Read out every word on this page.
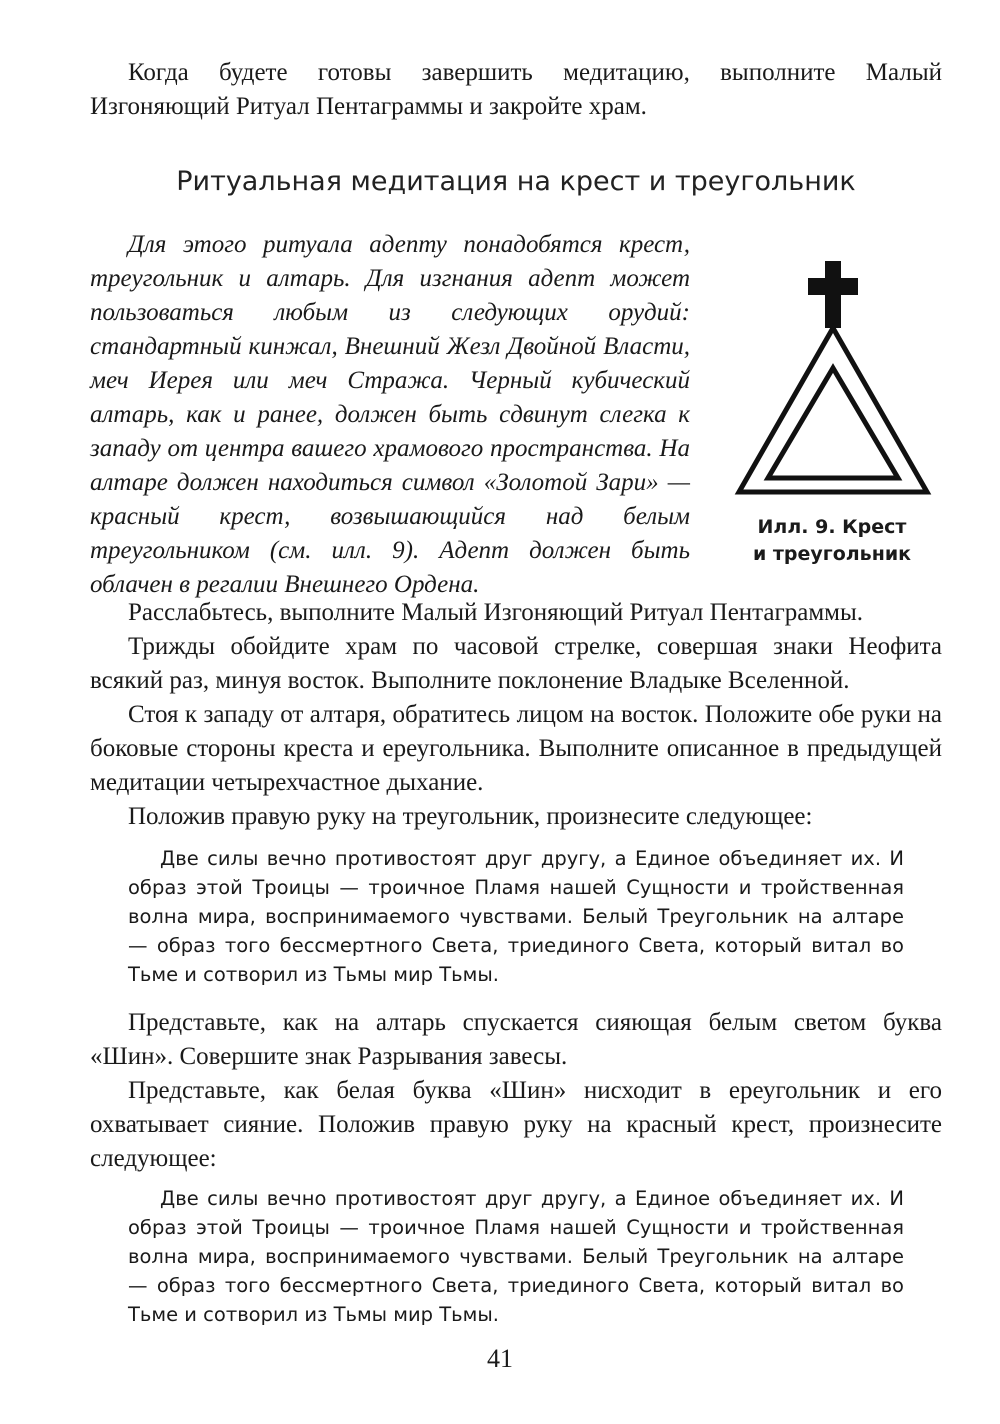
Когда будете готовы завершить медитацию, выполните Малый Изгоняющий Ритуал Пентаграммы и закройте храм.

Ритуальная медитация на крест и треугольник

Для этого ритуала адепту понадобятся крест, треугольник и алтарь. Для изгнания адепт может пользоваться любым из следующих орудий: стандартный кинжал, Внешний Жезл Двойной Власти, меч Иерея или меч Стража. Черный кубический алтарь, как и ранее, должен быть сдвинут слегка к западу от центра вашего храмового пространства. На алтаре должен находиться символ «Золотой Зари» — красный крест, возвышающийся над белым треугольником (см. илл. 9). Адепт должен быть облачен в регалии Внешнего Ордена.

Илл. 9. Крест
и треугольник

Расслабьтесь, выполните Малый Изгоняющий Ритуал Пентаграммы.

Трижды обойдите храм по часовой стрелке, совершая знаки Неофита всякий раз, минуя восток. Выполните поклонение Владыке Вселенной.

Стоя к западу от алтаря, обратитесь лицом на восток. Положите обе руки на боковые стороны креста и ереугольника. Выполните описанное в предыдущей медитации четырехчастное дыхание.

Положив правую руку на треугольник, произнесите следующее:

Две силы вечно противостоят друг другу, а Единое объединяет их. И образ этой Троицы — троичное Пламя нашей Сущности и тройственная волна мира, воспринимаемого чувствами. Белый Треугольник на алтаре — образ того бессмертного Света, триединого Света, который витал во Тьме и сотворил из Тьмы мир Тьмы.

Представьте, как на алтарь спускается сияющая белым светом буква «Шин». Совершите знак Разрывания завесы.

Представьте, как белая буква «Шин» нисходит в ереугольник и его охватывает сияние. Положив правую руку на красный крест, произнесите следующее:

Две силы вечно противостоят друг другу, а Единое объединяет их. И образ этой Троицы — троичное Пламя нашей Сущности и тройственная волна мира, воспринимаемого чувствами. Белый Треугольник на алтаре — образ того бессмертного Света, триединого Света, который витал во Тьме и сотворил из Тьмы мир Тьмы.

41
